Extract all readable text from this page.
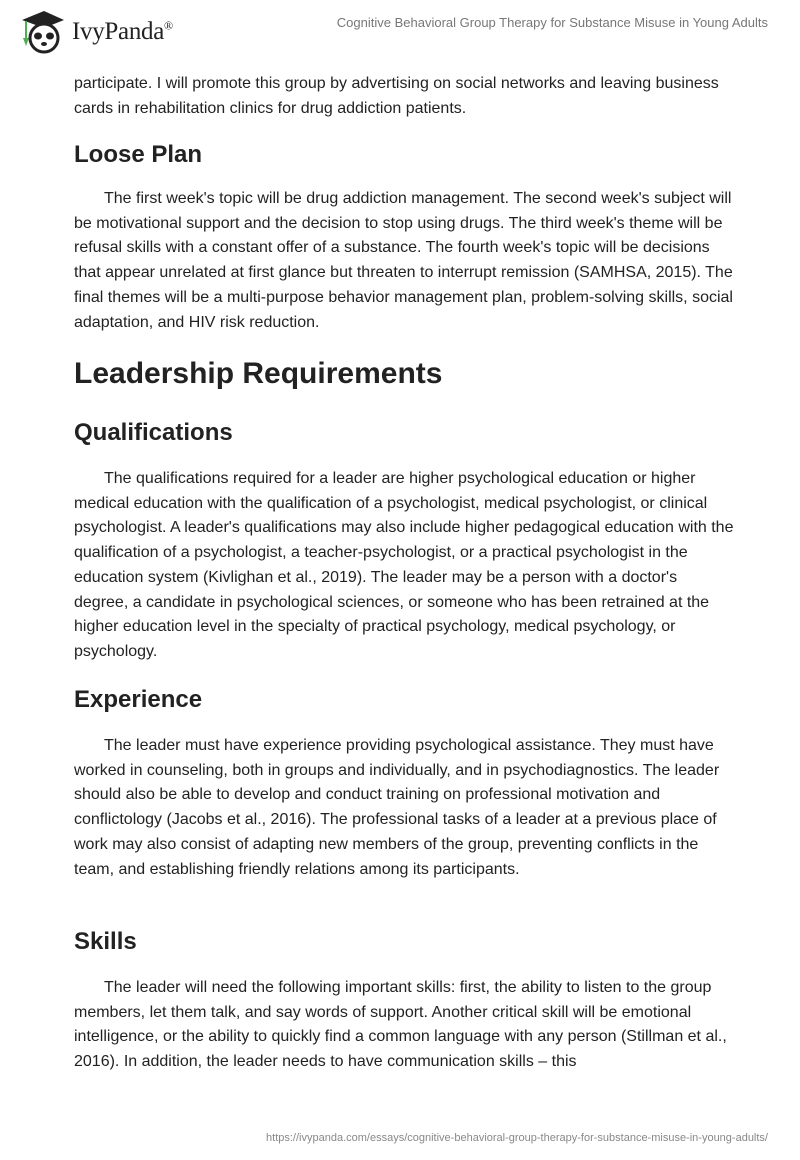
IvyPanda®	Cognitive Behavioral Group Therapy for Substance Misuse in Young Adults

participate. I will promote this group by advertising on social networks and leaving business cards in rehabilitation clinics for drug addiction patients.

Loose Plan

The first week's topic will be drug addiction management. The second week's subject will be motivational support and the decision to stop using drugs. The third week's theme will be refusal skills with a constant offer of a substance. The fourth week's topic will be decisions that appear unrelated at first glance but threaten to interrupt remission (SAMHSA, 2015). The final themes will be a multi-purpose behavior management plan, problem-solving skills, social adaptation, and HIV risk reduction.

Leadership Requirements
Qualifications

The qualifications required for a leader are higher psychological education or higher medical education with the qualification of a psychologist, medical psychologist, or clinical psychologist. A leader's qualifications may also include higher pedagogical education with the qualification of a psychologist, a teacher-psychologist, or a practical psychologist in the education system (Kivlighan et al., 2019). The leader may be a person with a doctor's degree, a candidate in psychological sciences, or someone who has been retrained at the higher education level in the specialty of practical psychology, medical psychology, or psychology.

Experience

The leader must have experience providing psychological assistance. They must have worked in counseling, both in groups and individually, and in psychodiagnostics. The leader should also be able to develop and conduct training on professional motivation and conflictology (Jacobs et al., 2016). The professional tasks of a leader at a previous place of work may also consist of adapting new members of the group, preventing conflicts in the team, and establishing friendly relations among its participants.

Skills

The leader will need the following important skills: first, the ability to listen to the group members, let them talk, and say words of support. Another critical skill will be emotional intelligence, or the ability to quickly find a common language with any person (Stillman et al., 2016). In addition, the leader needs to have communication skills – this

https://ivypanda.com/essays/cognitive-behavioral-group-therapy-for-substance-misuse-in-young-adults/
